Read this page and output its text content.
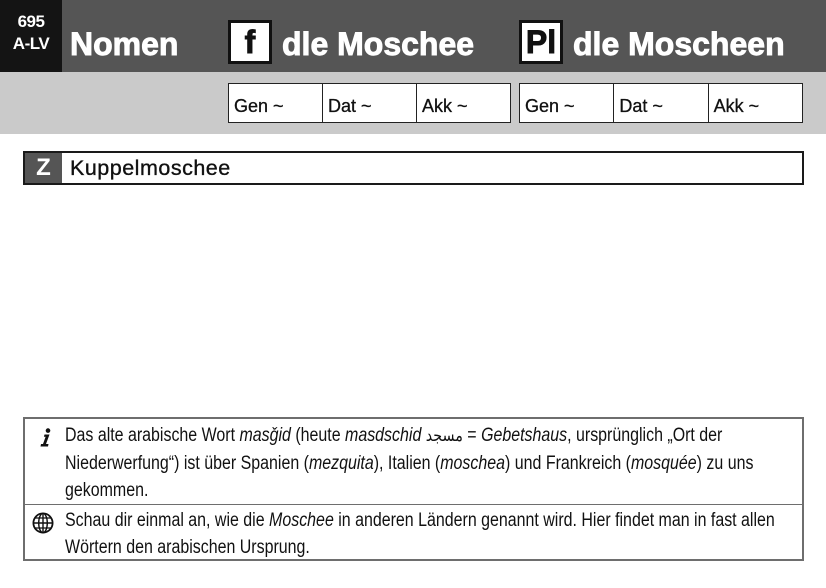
695
A-LV Nomen	f dle Moschee Pl dle Moscheen
Gen ~	Dat ~	Akk ~	Gen ~	Dat ~	Akk ~
Z Kuppelmoschee

Das alte arabische Wort masǧid (heute masdschid مسجد = Gebetshaus, ursprünglich „Ort der Niederwerfung“) ist über Spanien (mezquita), Italien (moschea) und Frankreich (mosquée) zu uns gekommen.

Schau dir einmal an, wie die Moschee in anderen Ländern genannt wird. Hier findet man in fast allen Wörtern den arabischen Ursprung.
